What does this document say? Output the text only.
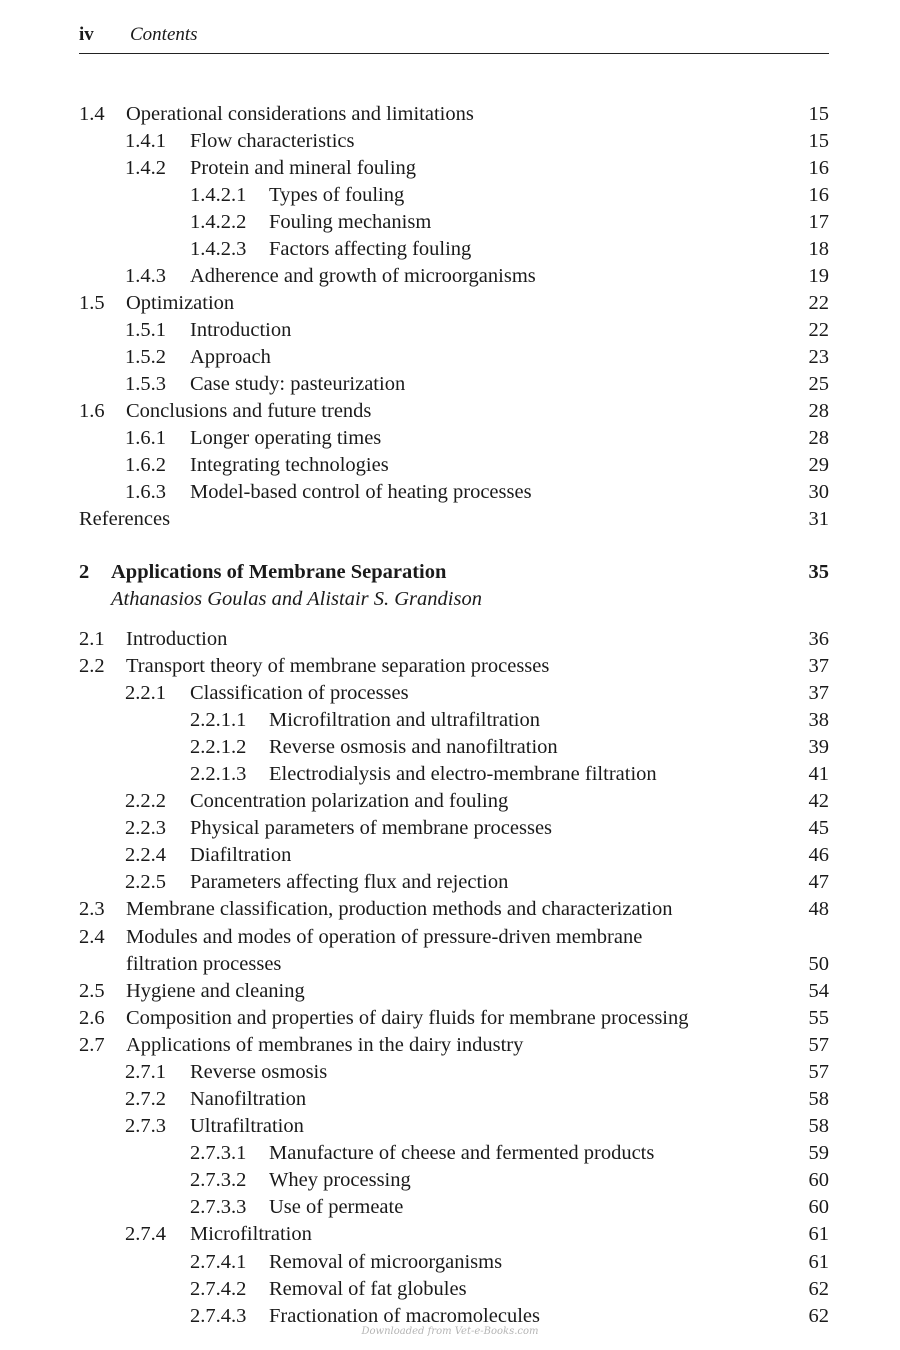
iv Contents
1.4 Operational considerations and limitations	15
1.4.1 Flow characteristics	15
1.4.2 Protein and mineral fouling	16
1.4.2.1 Types of fouling	16
1.4.2.2 Fouling mechanism	17
1.4.2.3 Factors affecting fouling	18
1.4.3 Adherence and growth of microorganisms	19
1.5 Optimization	22
1.5.1 Introduction	22
1.5.2 Approach	23
1.5.3 Case study: pasteurization	25
1.6 Conclusions and future trends	28
1.6.1 Longer operating times	28
1.6.2 Integrating technologies	29
1.6.3 Model-based control of heating processes	30
References	31
2 Applications of Membrane Separation	35
Athanasios Goulas and Alistair S. Grandison
2.1 Introduction	36
2.2 Transport theory of membrane separation processes	37
2.2.1 Classification of processes	37
2.2.1.1 Microfiltration and ultrafiltration	38
2.2.1.2 Reverse osmosis and nanofiltration	39
2.2.1.3 Electrodialysis and electro-membrane filtration	41
2.2.2 Concentration polarization and fouling	42
2.2.3 Physical parameters of membrane processes	45
2.2.4 Diafiltration	46
2.2.5 Parameters affecting flux and rejection	47
2.3 Membrane classification, production methods and characterization	48
2.4 Modules and modes of operation of pressure-driven membrane
filtration processes	50
2.5 Hygiene and cleaning	54
2.6 Composition and properties of dairy fluids for membrane processing	55
2.7 Applications of membranes in the dairy industry	57
2.7.1 Reverse osmosis	57
2.7.2 Nanofiltration	58
2.7.3 Ultrafiltration	58
2.7.3.1 Manufacture of cheese and fermented products	59
2.7.3.2 Whey processing	60
2.7.3.3 Use of permeate	60
2.7.4 Microfiltration	61
2.7.4.1 Removal of microorganisms	61
2.7.4.2 Removal of fat globules	62
2.7.4.3 Fractionation of macromolecules	62
Downloaded from Vet-e-Books.com
